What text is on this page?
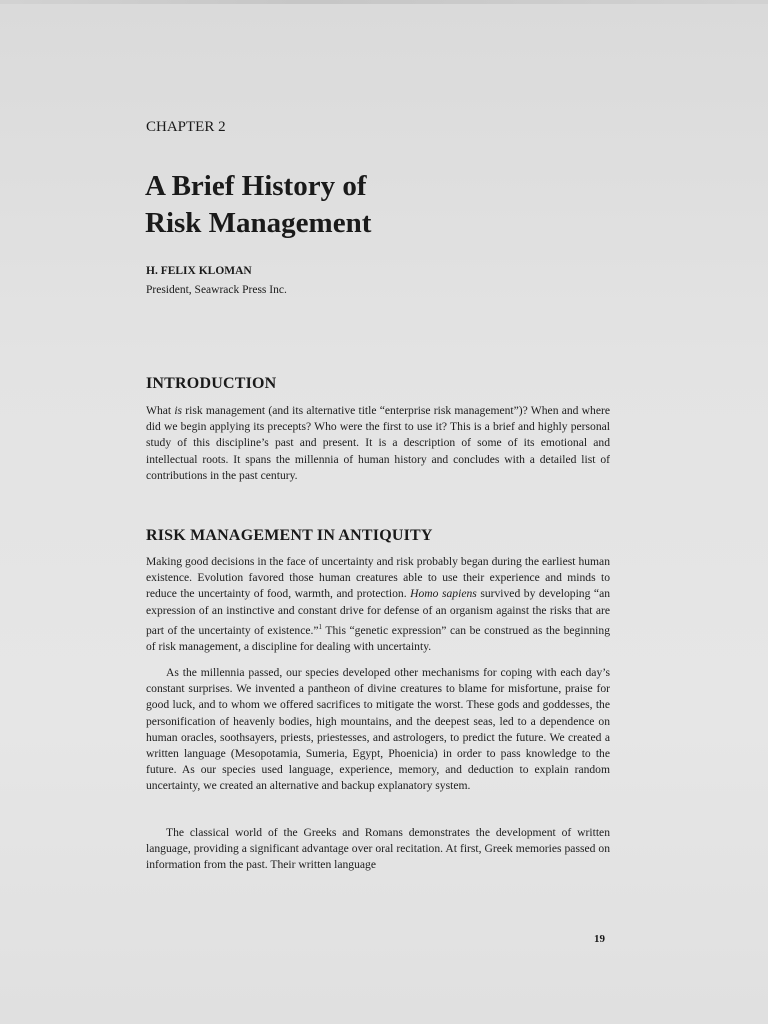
CHAPTER 2
A Brief History of
Risk Management
H. FELIX KLOMAN
President, Seawrack Press Inc.
INTRODUCTION

What is risk management (and its alternative title “enterprise risk management”)? When and where did we begin applying its precepts? Who were the first to use it? This is a brief and highly personal study of this discipline’s past and present. It is a description of some of its emotional and intellectual roots. It spans the millennia of human history and concludes with a detailed list of contributions in the past century.

RISK MANAGEMENT IN ANTIQUITY

Making good decisions in the face of uncertainty and risk probably began during the earliest human existence. Evolution favored those human creatures able to use their experience and minds to reduce the uncertainty of food, warmth, and protection. Homo sapiens survived by developing “an expression of an instinctive and constant drive for defense of an organism against the risks that are part of the uncertainty of existence.”$^1$ This “genetic expression” can be construed as the beginning of risk management, a discipline for dealing with uncertainty.

As the millennia passed, our species developed other mechanisms for coping with each day’s constant surprises. We invented a pantheon of divine creatures to blame for misfortune, praise for good luck, and to whom we offered sacrifices to mitigate the worst. These gods and goddesses, the personification of heavenly bodies, high mountains, and the deepest seas, led to a dependence on human oracles, soothsayers, priests, priestesses, and astrologers, to predict the future. We created a written language (Mesopotamia, Sumeria, Egypt, Phoenicia) in order to pass knowledge to the future. As our species used language, experience, memory, and deduction to explain random uncertainty, we created an alternative and backup explanatory system.

The classical world of the Greeks and Romans demonstrates the development of written language, providing a significant advantage over oral recitation. At first, Greek memories passed on information from the past. Their written language

19
